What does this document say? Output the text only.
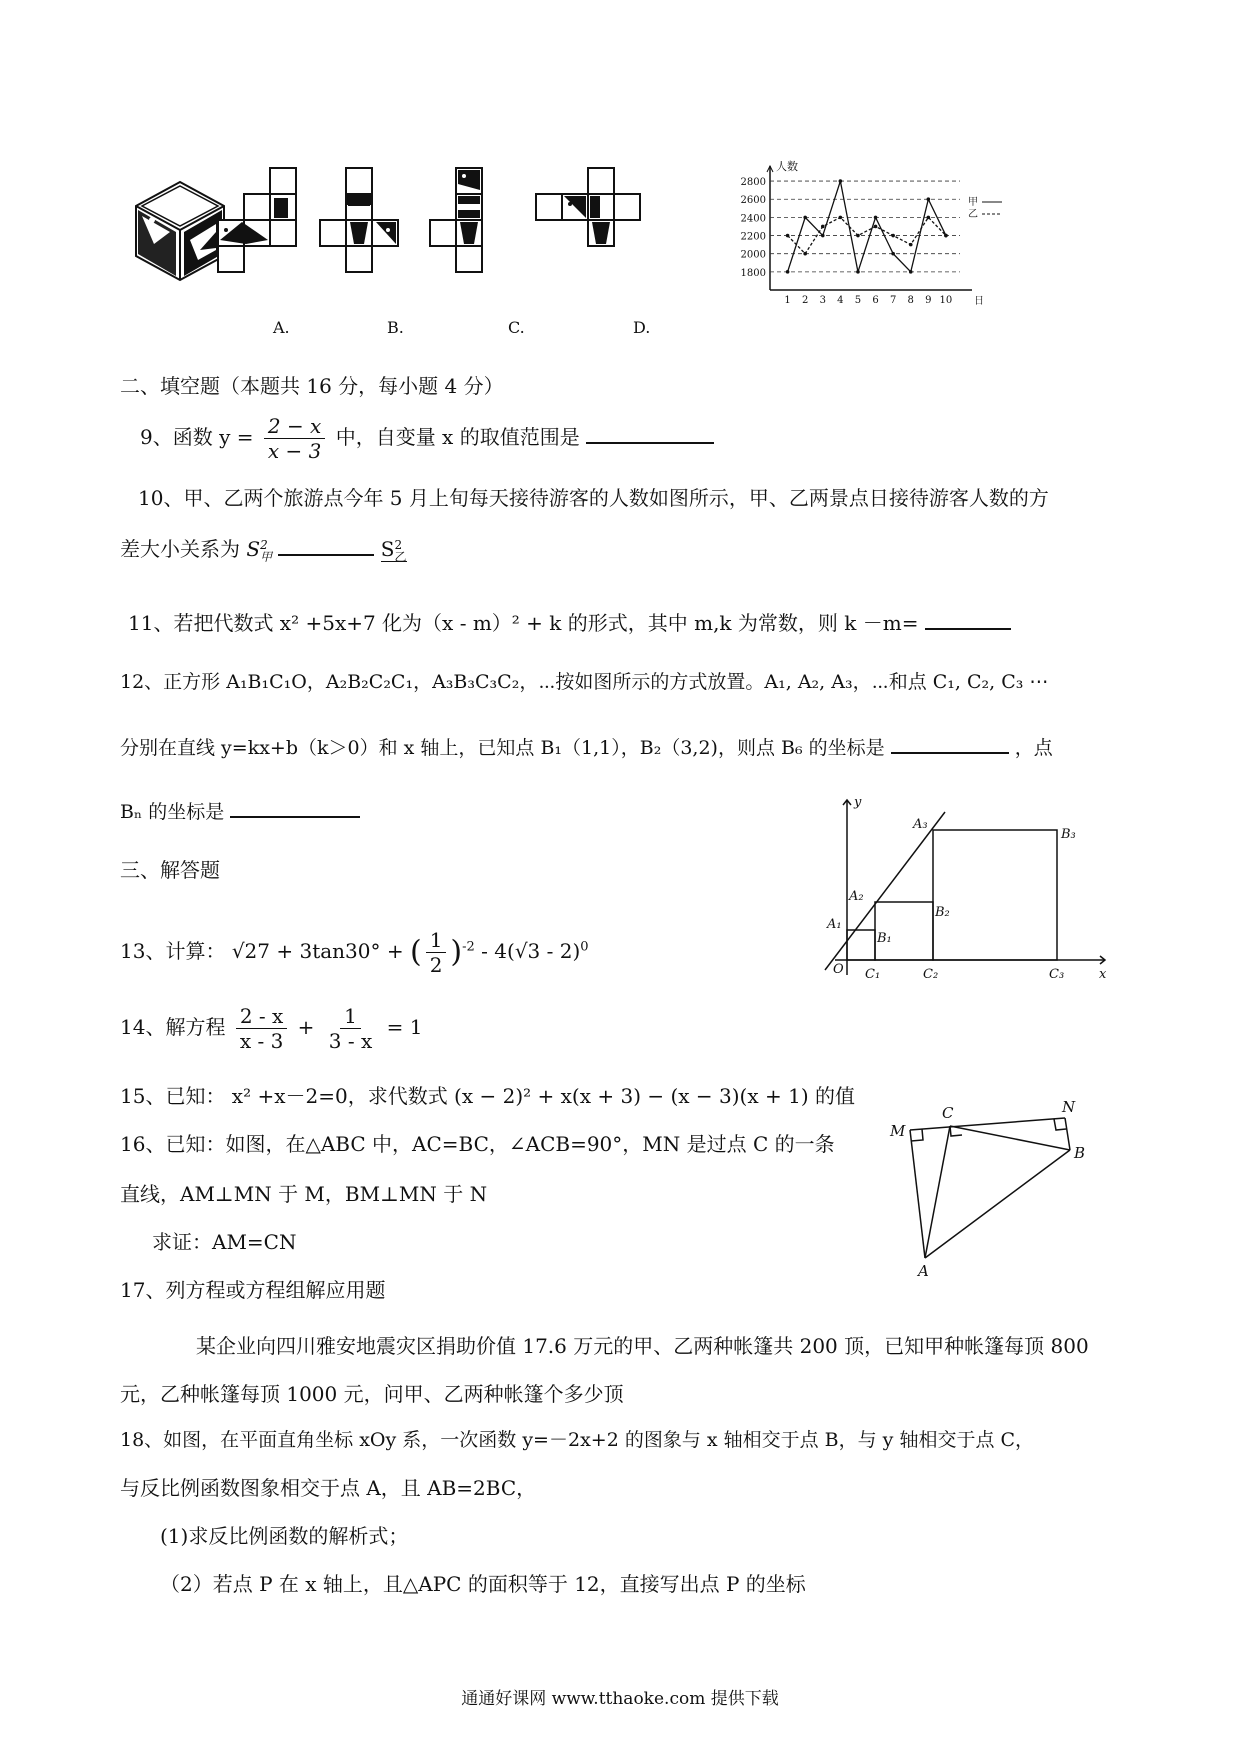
A.	B.	C.	D.
2800
2600
2400
2200
2000
1800
1 2 3 4 5 6 7 8 9 10
人数
日
甲
乙
二、填空题（本题共 16 分，每小题 4 分）
9、函数 $y = \frac{2 - x}{x - 3}$ 中，自变量 x 的取值范围是
10、甲、乙两个旅游点今年 5 月上旬每天接待游客的人数如图所示，甲、乙两景点日接待游客人数的方
差大小关系为 S 2
甲	S 2
乙
11、若把代数式 x² +5x+7 化为（x - m）² + k 的形式，其中 m,k 为常数，则 k －m=
12、正方形 A₁B₁C₁O，A₂B₂C₂C₁，A₃B₃C₃C₂，⋯按如图所示的方式放置。A₁, A₂, A₃，⋯和点 C₁, C₂, C₃ ⋯
分别在直线 y=kx+b（k＞0）和 x 轴上，已知点 B₁（1,1），B₂（3,2)，则点 B₆ 的坐标是	，点
Bₙ 的坐标是	y
x
O
A₁
A₂
A₃
B₁
B₂
B₃
C₁	C₂	C₃
三、解答题
13、计算： √27 + 3tan30° + ( $\frac{1}{2} )^{-2} - 4(√3 - 2)^0$
14、解方程 $\frac{2 - x}{x - 3} + \frac{1}{3 - x} = 1$
15、已知： x² +x－2=0，求代数式 (x − 2)² + x(x + 3) − (x − 3)(x + 1) 的值
16、已知：如图，在△ABC 中，AC=BC，∠ACB=90°，MN 是过点 C 的一条
直线，AM⊥MN 于 M，BM⊥MN 于 N
求证：AM=CN
M
C	N
B
A
17、列方程或方程组解应用题
某企业向四川雅安地震灾区捐助价值 17.6 万元的甲、乙两种帐篷共 200 顶，已知甲种帐篷每顶 800
元，乙种帐篷每顶 1000 元，问甲、乙两种帐篷个多少顶
18、如图，在平面直角坐标 xOy 系，一次函数 y=－2x+2 的图象与 x 轴相交于点 B，与 y 轴相交于点 C，
与反比例函数图象相交于点 A，且 AB=2BC，
(1)求反比例函数的解析式；
（2）若点 P 在 x 轴上，且△APC 的面积等于 12，直接写出点 P 的坐标
通通好课网 www.tthaoke.com 提供下载
